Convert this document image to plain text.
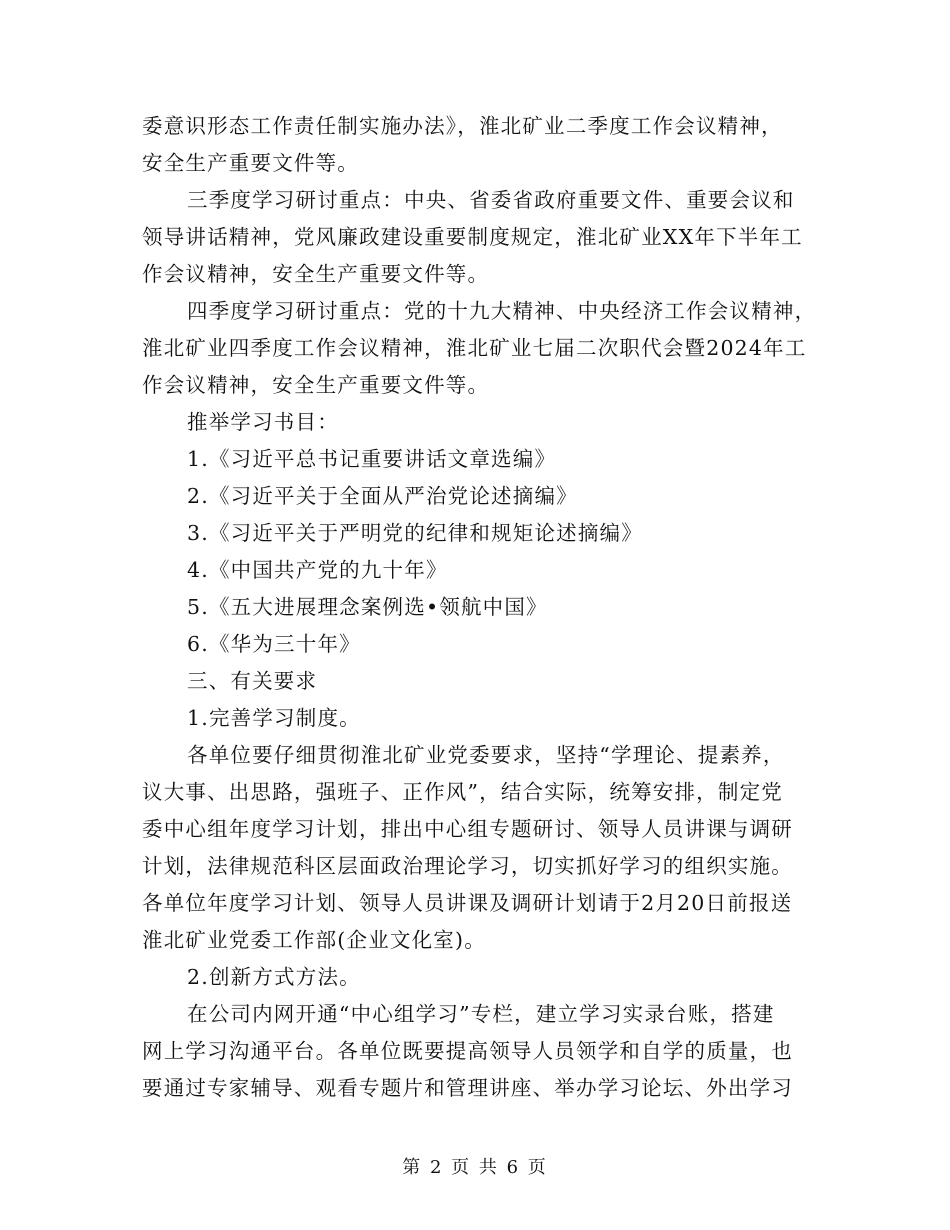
委意识形态工作责任制实施办法》，淮北矿业二季度工作会议精神，
安全生产重要文件等。
三季度学习研讨重点：中央、省委省政府重要文件、重要会议和
领导讲话精神，党风廉政建设重要制度规定，淮北矿业XX年下半年工
作会议精神，安全生产重要文件等。
四季度学习研讨重点：党的十九大精神、中央经济工作会议精神，
淮北矿业四季度工作会议精神，淮北矿业七届二次职代会暨2024年工
作会议精神，安全生产重要文件等。
推举学习书目：
1.《习近平总书记重要讲话文章选编》
2.《习近平关于全面从严治党论述摘编》
3.《习近平关于严明党的纪律和规矩论述摘编》
4.《中国共产党的九十年》
5.《五大进展理念案例选•领航中国》
6.《华为三十年》
三、有关要求
1.完善学习制度。
各单位要仔细贯彻淮北矿业党委要求，坚持“学理论、提素养，
议大事、出思路，强班子、正作风”，结合实际，统筹安排，制定党
委中心组年度学习计划，排出中心组专题研讨、领导人员讲课与调研
计划，法律规范科区层面政治理论学习，切实抓好学习的组织实施。
各单位年度学习计划、领导人员讲课及调研计划请于2月20日前报送
淮北矿业党委工作部(企业文化室)。
2.创新方式方法。
在公司内网开通“中心组学习”专栏，建立学习实录台账，搭建
网上学习沟通平台。各单位既要提高领导人员领学和自学的质量，也
要通过专家辅导、观看专题片和管理讲座、举办学习论坛、外出学习
第 2 页 共 6 页
